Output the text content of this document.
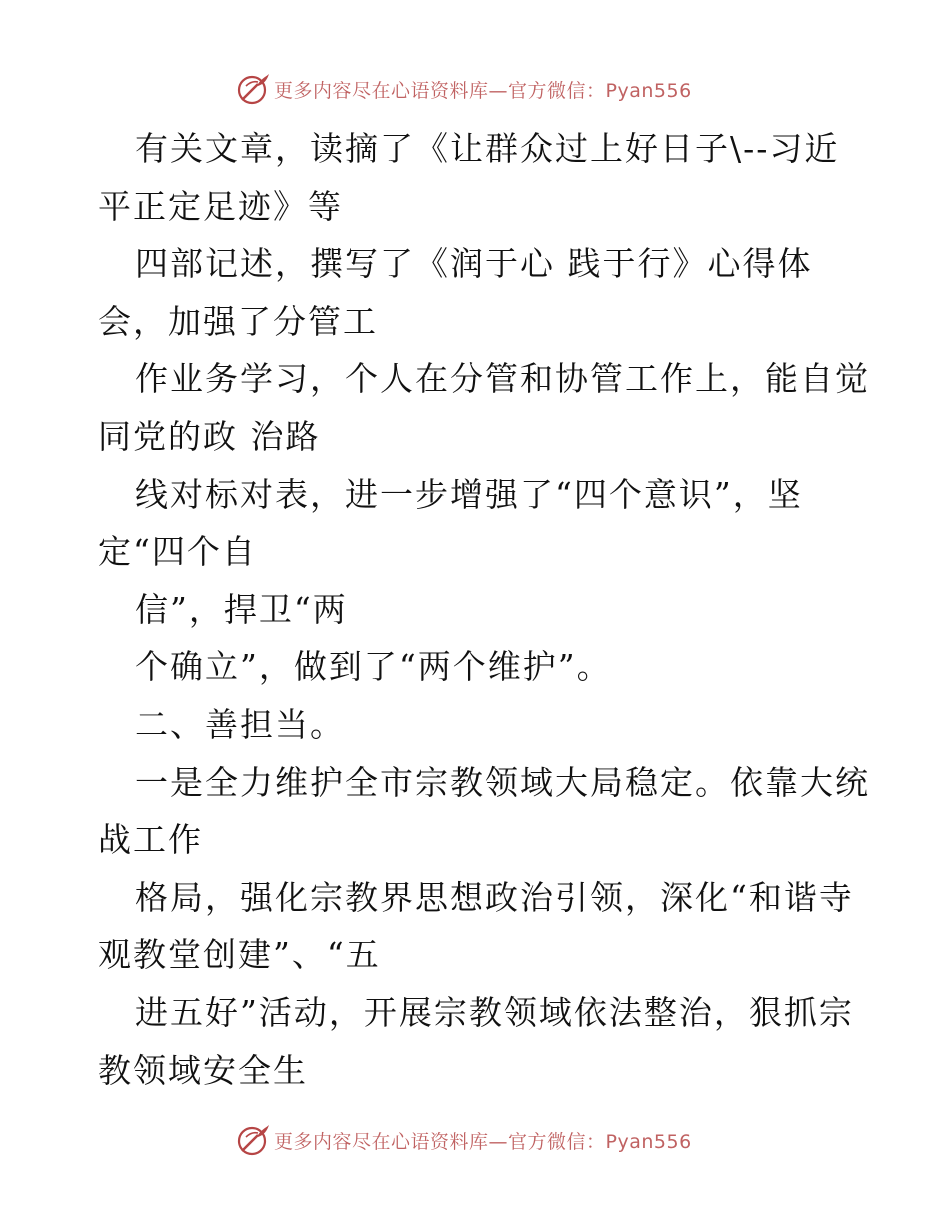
更多内容尽在心语资料库—官方微信：Pyan556
有关文章，读摘了《让群众过上好日子\--习近
平正定足迹》等
四部记述，撰写了《润于心 践于行》心得体
会，加强了分管工
作业务学习，个人在分管和协管工作上，能自觉
同党的政 治路
线对标对表，进一步增强了“四个意识”，坚
定“四个自
信”，捍卫“两
个确立”，做到了“两个维护”。
二、善担当。
一是全力维护全市宗教领域大局稳定。依靠大统
战工作
格局，强化宗教界思想政治引领，深化“和谐寺
观教堂创建”、“五
进五好”活动，开展宗教领域依法整治，狠抓宗
教领域安全生
更多内容尽在心语资料库—官方微信：Pyan556
